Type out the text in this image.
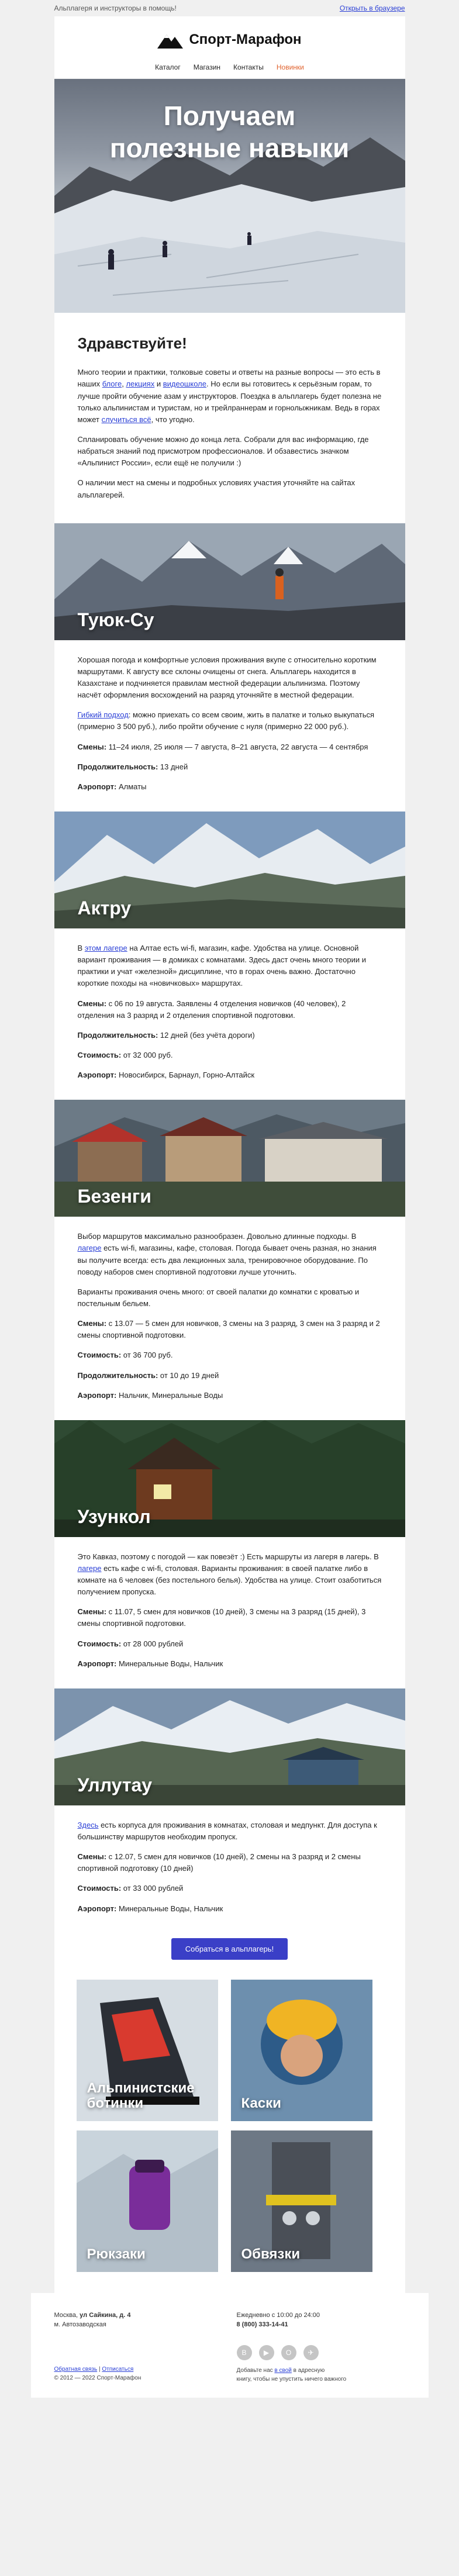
Альплагеря и инструкторы в помощь!	Открыть в браузере
Спорт-Марафон
Каталог Магазин Контакты Новинки
Получаем
полезные навыки
Здравствуйте!

Много теории и практики, толковые советы и ответы на разные вопросы — это есть в наших блоге, лекциях и видеошколе. Но если вы готовитесь к серьёзным горам, то лучше пройти обучение азам у инструкторов. Поездка в альплагерь будет полезна не только альпинистам и туристам, но и трейлраннерам и горнолыжникам. Ведь в горах может случиться всё, что угодно.

Спланировать обучение можно до конца лета. Собрали для вас информацию, где набраться знаний под присмотром профессионалов. И обзавестись значком «Альпинист России», если ещё не получили :)

О наличии мест на смены и подробных условиях участия уточняйте на сайтах альплагерей.

Туюк-Су

Хорошая погода и комфортные условия проживания вкупе с относительно коротким маршрутами. К августу все склоны очищены от снега. Альплагерь находится в Казахстане и подчиняется правилам местной федерации альпинизма. Поэтому насчёт оформления восхождений на разряд уточняйте в местной федерации.

Гибкий подход: можно приехать со всем своим, жить в палатке и только выкупаться (примерно 3 500 руб.), либо пройти обучение с нуля (примерно 22 000 руб.).

Смены: 11–24 июля, 25 июля — 7 августа, 8–21 августа, 22 августа — 4 сентября

Продолжительность: 13 дней

Аэропорт: Алматы

Актру

В этом лагере на Алтае есть wi-fi, магазин, кафе. Удобства на улице. Основной вариант проживания — в домиках с комнатами. Здесь даст очень много теории и практики и учат «железной» дисциплине, что в горах очень важно. Достаточно короткие походы на «новичковых» маршрутах.

Смены: с 06 по 19 августа. Заявлены 4 отделения новичков (40 человек), 2 отделения на 3 разряд и 2 отделения спортивной подготовки.

Продолжительность: 12 дней (без учёта дороги)

Стоимость: от 32 000 руб.

Аэропорт: Новосибирск, Барнаул, Горно-Алтайск

Безенги

Выбор маршрутов максимально разнообразен. Довольно длинные подходы. В лагере есть wi-fi, магазины, кафе, столовая. Погода бывает очень разная, но знания вы получите всегда: есть два лекционных зала, тренировочное оборудование. По поводу наборов смен спортивной подготовки лучше уточнить.

Варианты проживания очень много: от своей палатки до комнатки с кроватью и постельным бельем.

Смены: с 13.07 — 5 смен для новичков, 3 смены на 3 разряд, 3 смен на 3 разряд и 2 смены спортивной подготовки.

Стоимость: от 36 700 руб.

Продолжительность: от 10 до 19 дней

Аэропорт: Нальчик, Минеральные Воды

Узункол

Это Кавказ, поэтому с погодой — как повезёт :) Есть маршруты из лагеря в лагерь. В лагере есть кафе с wi-fi, столовая. Варианты проживания: в своей палатке либо в комнате на 6 человек (без постельного белья). Удобства на улице. Стоит озаботиться получением пропуска.

Смены: с 11.07, 5 смен для новичков (10 дней), 3 смены на 3 разряд (15 дней), 3 смены спортивной подготовки.

Стоимость: от 28 000 рублей

Аэропорт: Минеральные Воды, Нальчик

Уллутау

Здесь есть корпуса для проживания в комнатах, столовая и медпункт. Для доступа к большинству маршрутов необходим пропуск.

Смены: с 12.07, 5 смен для новичков (10 дней), 2 смены на 3 разряд и 2 смены спортивной подготовку (10 дней)

Стоимость: от 33 000 рублей

Аэропорт: Минеральные Воды, Нальчик

Собраться в альплагерь!
Альпинистские
ботинки	Каски
Рюкзаки	Обвязки
Москва, ул Сайкина, д. 4
м. Автозаводская
Ежедневно с 10:00 до 24:00
8 (800) 333-14-41
Обратная связь | Отписаться
© 2012 — 2022 Спорт-Марафон
В	▶	О	✈
Добавьте нас в свой в адресную
книгу, чтобы не упустить ничего важного
